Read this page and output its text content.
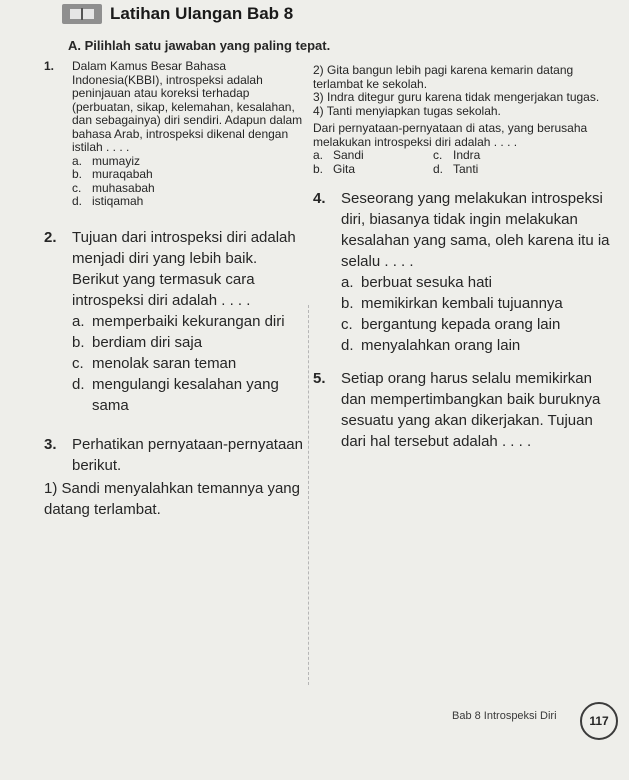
Latihan Ulangan Bab 8
A. Pilihlah satu jawaban yang paling tepat.
1. Dalam Kamus Besar Bahasa Indonesia(KBBI), introspeksi adalah peninjauan atau koreksi terhadap (perbuatan, sikap, kelemahan, kesalahan, dan sebagainya) diri sendiri. Adapun dalam bahasa Arab, introspeksi dikenal dengan istilah . . . .
a. mumayiz
b. muraqabah
c. muhasabah
d. istiqamah
2. Tujuan dari introspeksi diri adalah menjadi diri yang lebih baik. Berikut yang termasuk cara introspeksi diri adalah . . . .
a. memperbaiki kekurangan diri
b. berdiam diri saja
c. menolak saran teman
d. mengulangi kesalahan yang sama
3. Perhatikan pernyataan-pernyataan berikut.
1) Sandi menyalahkan temannya yang datang terlambat.
2) Gita bangun lebih pagi karena kemarin datang terlambat ke sekolah.
3) Indra ditegur guru karena tidak mengerjakan tugas.
4) Tanti menyiapkan tugas sekolah.
Dari pernyataan-pernyataan di atas, yang berusaha melakukan introspeksi diri adalah . . . .
a. Sandi	c. Indra
b. Gita	d. Tanti
4. Seseorang yang melakukan introspeksi diri, biasanya tidak ingin melakukan kesalahan yang sama, oleh karena itu ia selalu . . . .
a. berbuat sesuka hati
b. memikirkan kembali tujuannya
c. bergantung kepada orang lain
d. menyalahkan orang lain
5. Setiap orang harus selalu memikirkan dan mempertimbangkan baik buruknya sesuatu yang akan dikerjakan. Tujuan dari hal tersebut adalah . . . .
Bab 8 Introspeksi Diri	117
